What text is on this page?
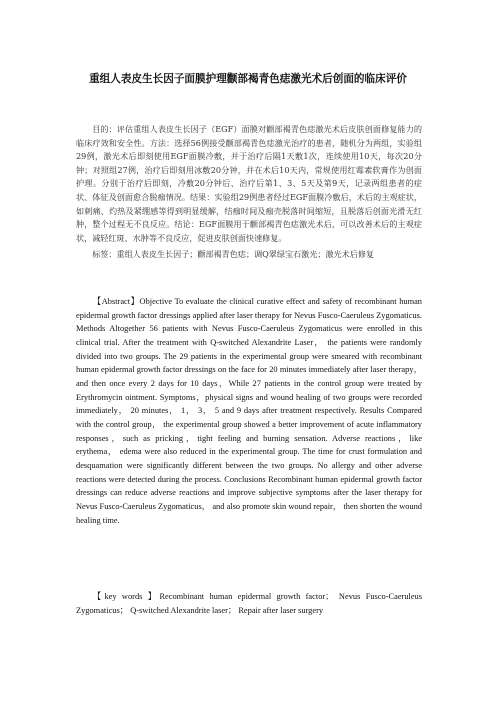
重组人表皮生长因子面膜护理颧部褐青色痣激光术后创面的临床评价
目的：评估重组人表皮生长因子（EGF）面膜对颧部褐青色痣激光术后皮肤创面修复能力的临床疗效和安全性。方法：选择56例接受颧部褐青色痣激光治疗的患者，随机分为两组，实验组29例，激光术后即刻使用EGF面膜冷敷，并于治疗后隔1天敷1次，连续使用10天，每次20分钟；对照组27例，治疗后即刻用冰敷20分钟，并在术后10天内，常规使用红霉素软膏作为创面护理。分别于治疗后即刻，冷敷20分钟后、治疗后第1、3、5天及第9天，记录两组患者的症状、体征及创面愈合脱痂情况。结果：实验组29例患者经过EGF面膜冷敷后，术后的主观症状，如刺痛、灼热及紧绷感等得到明显缓解，结痂时间及痂壳脱落时间缩短，且脱落后创面光滑无红肿，整个过程无不良反应。结论：EGF面膜用于颧部褐青色痣激光术后，可以改善术后的主观症状，减轻红斑、水肿等不良反应，促进皮肤创面快速修复。
标签：重组人表皮生长因子；颧部褐青色痣；调Q翠绿宝石激光；激光术后修复
【Abstract】Objective To evaluate the clinical curative effect and safety of recombinant human epidermal growth factor dressings applied after laser therapy for Nevus Fusco-Caeruleus Zygomaticus. Methods Altogether 56 patients with Nevus Fusco-Caeruleus Zygomaticus were enrolled in this clinical trial. After the treatment with Q-switched Alexandrite Laser， the patients were randomly divided into two groups. The 29 patients in the experimental group were smeared with recombinant human epidermal growth factor dressings on the face for 20 minutes immediately after laser therapy，and then once every 2 days for 10 days，While 27 patients in the control group were treated by Erythromycin ointment. Symptoms，physical signs and wound healing of two groups were recorded immediately， 20 minutes， 1， 3， 5 and 9 days after treatment respectively. Results Compared with the control group， the experimental group showed a better improvement of acute inflammatory responses，such as pricking，tight feeling and burning sensation. Adverse reactions，like erythema， edema were also reduced in the experimental group. The time for crust formulation and desquamation were significantly different between the two groups. No allergy and other adverse reactions were detected during the process. Conclusions Recombinant human epidermal growth factor dressings can reduce adverse reactions and improve subjective symptoms after the laser therapy for Nevus Fusco-Caeruleus Zygomaticus， and also promote skin wound repair， then shorten the wound healing time.
【key words 】Recombinant human epidermal growth factor； Nevus Fusco-Caeruleus Zygomaticus； Q-switched Alexandrite laser； Repair after laser surgery
